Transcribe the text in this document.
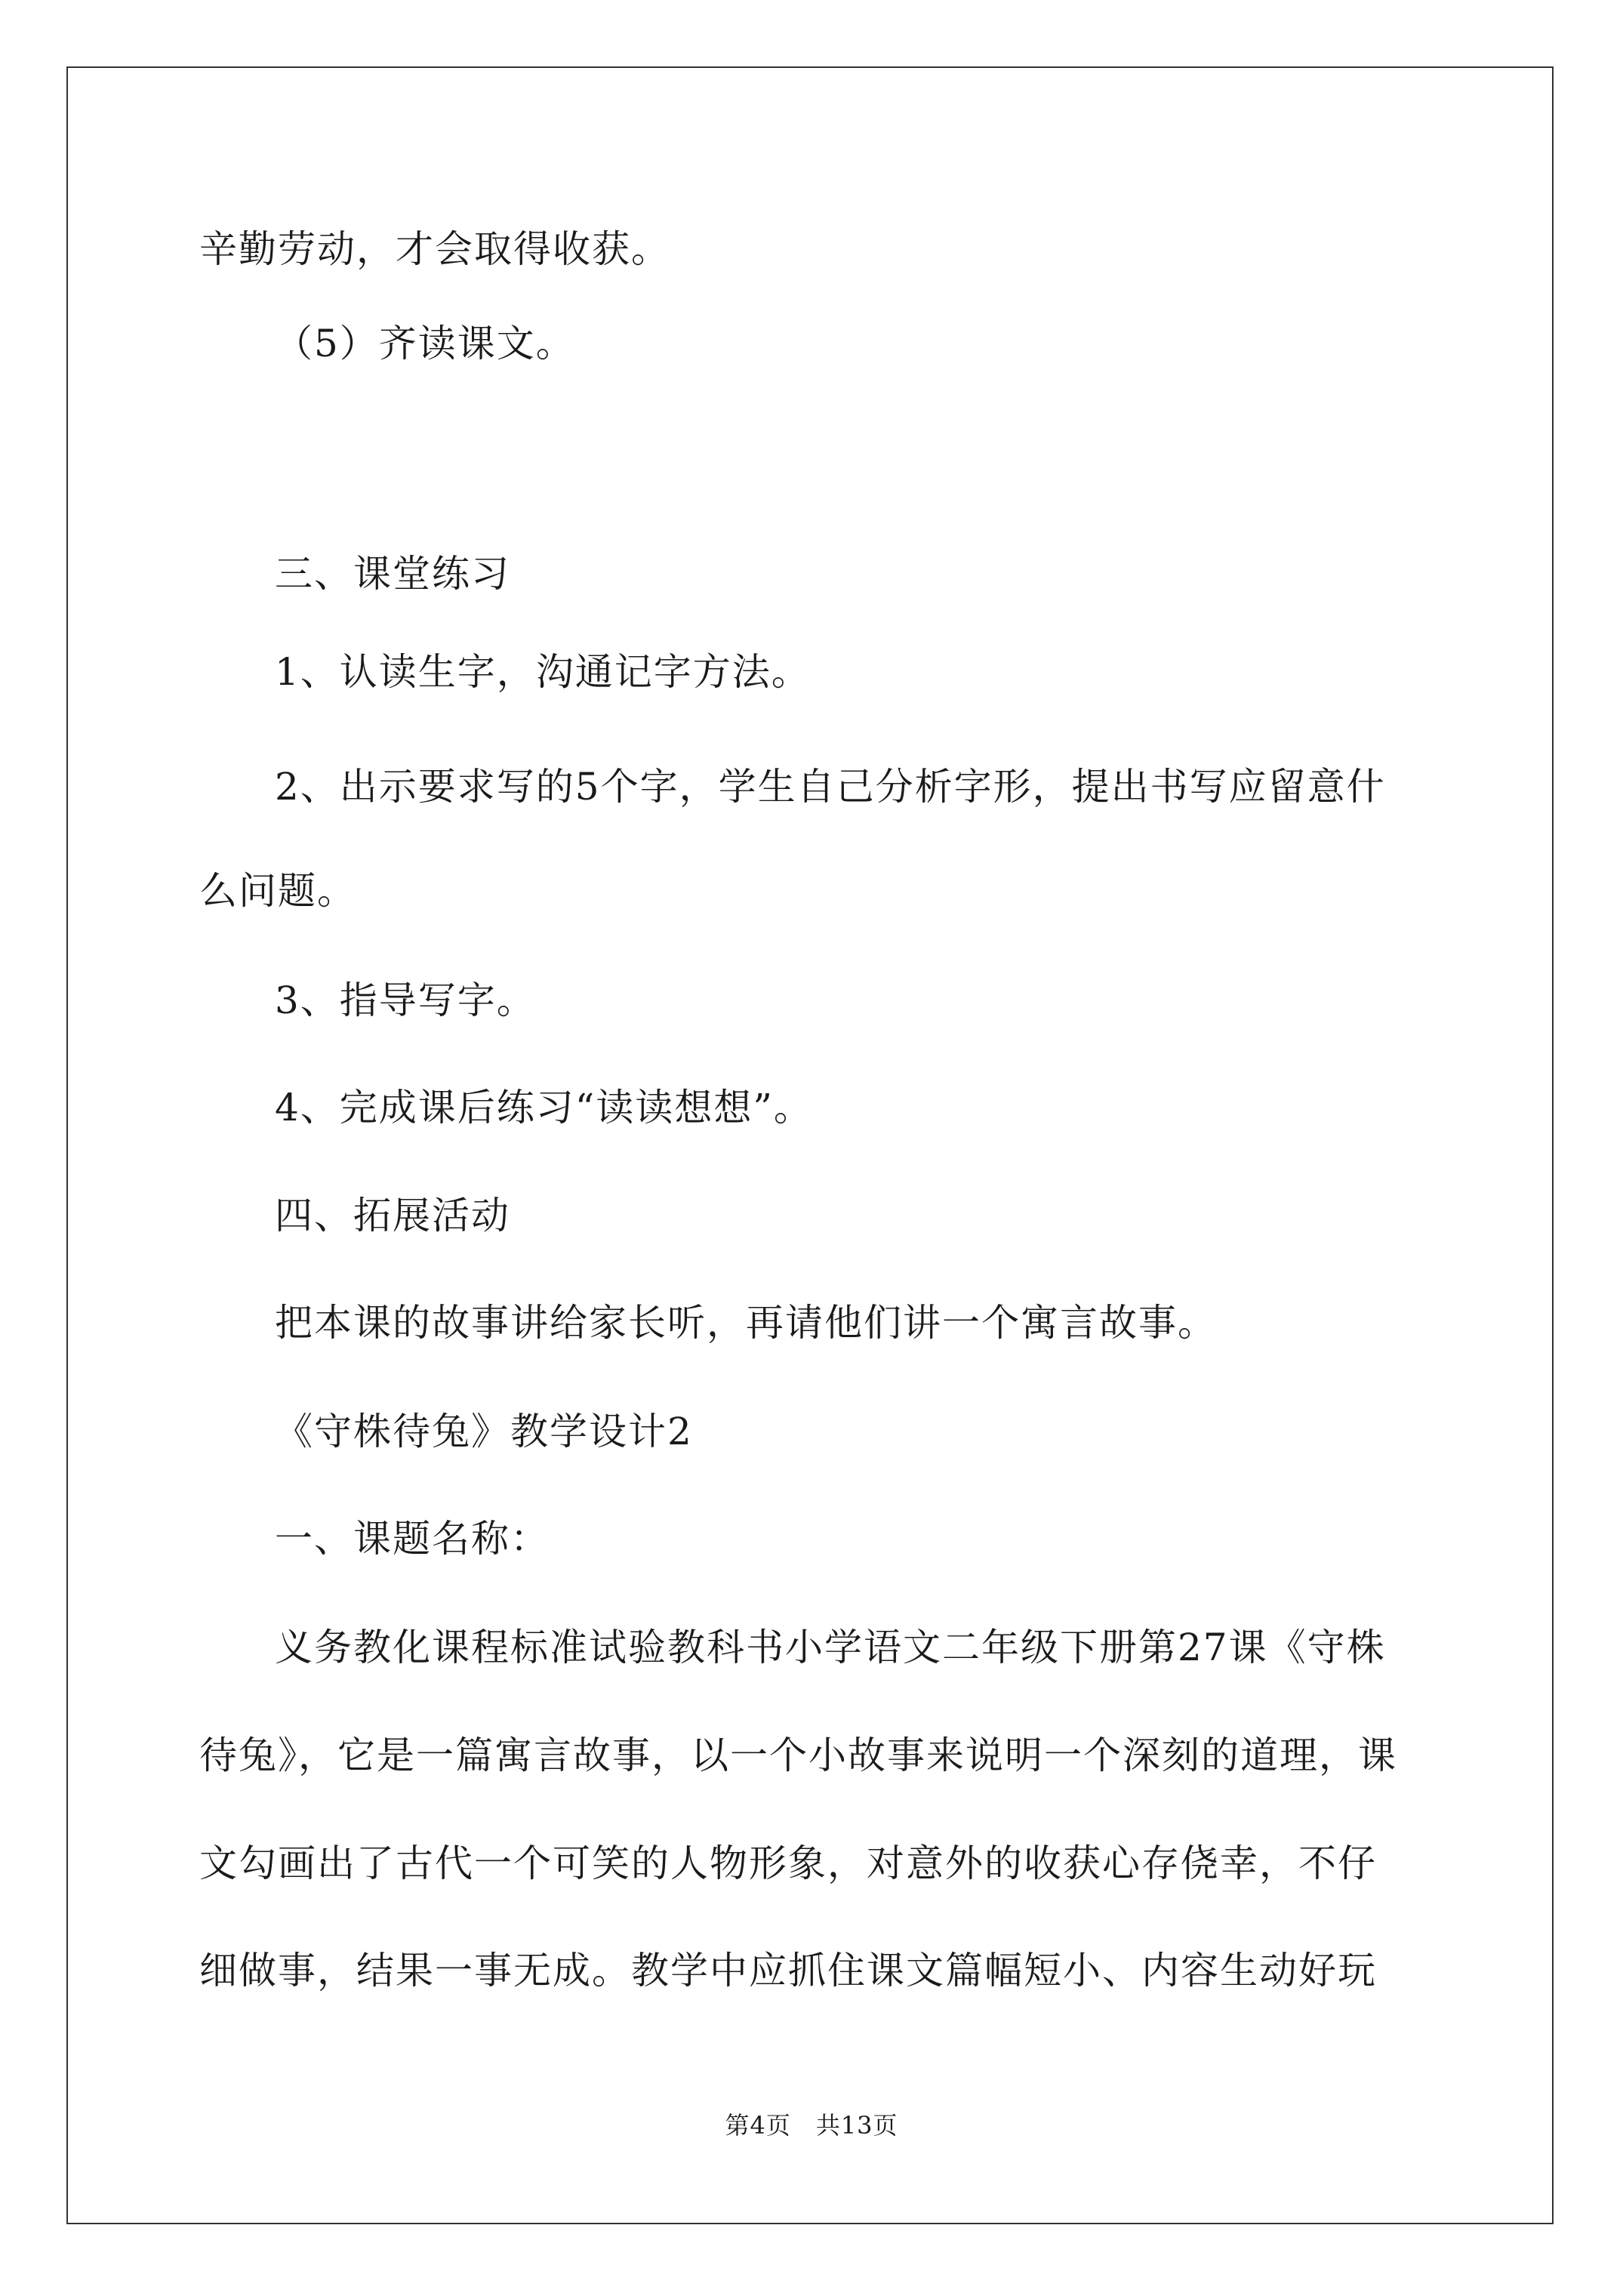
辛勤劳动，才会取得收获。
（5）齐读课文。
三、课堂练习
1、认读生字，沟通记字方法。
2、出示要求写的5个字，学生自己分析字形，提出书写应留意什
么问题。
3、指导写字。
4、完成课后练习“读读想想”。
四、拓展活动
把本课的故事讲给家长听，再请他们讲一个寓言故事。
《守株待兔》教学设计2
一、课题名称：
义务教化课程标准试验教科书小学语文二年级下册第27课《守株
待兔》，它是一篇寓言故事，以一个小故事来说明一个深刻的道理，课
文勾画出了古代一个可笑的人物形象，对意外的收获心存侥幸，不仔
细做事，结果一事无成。教学中应抓住课文篇幅短小、内容生动好玩
第4页　共13页
